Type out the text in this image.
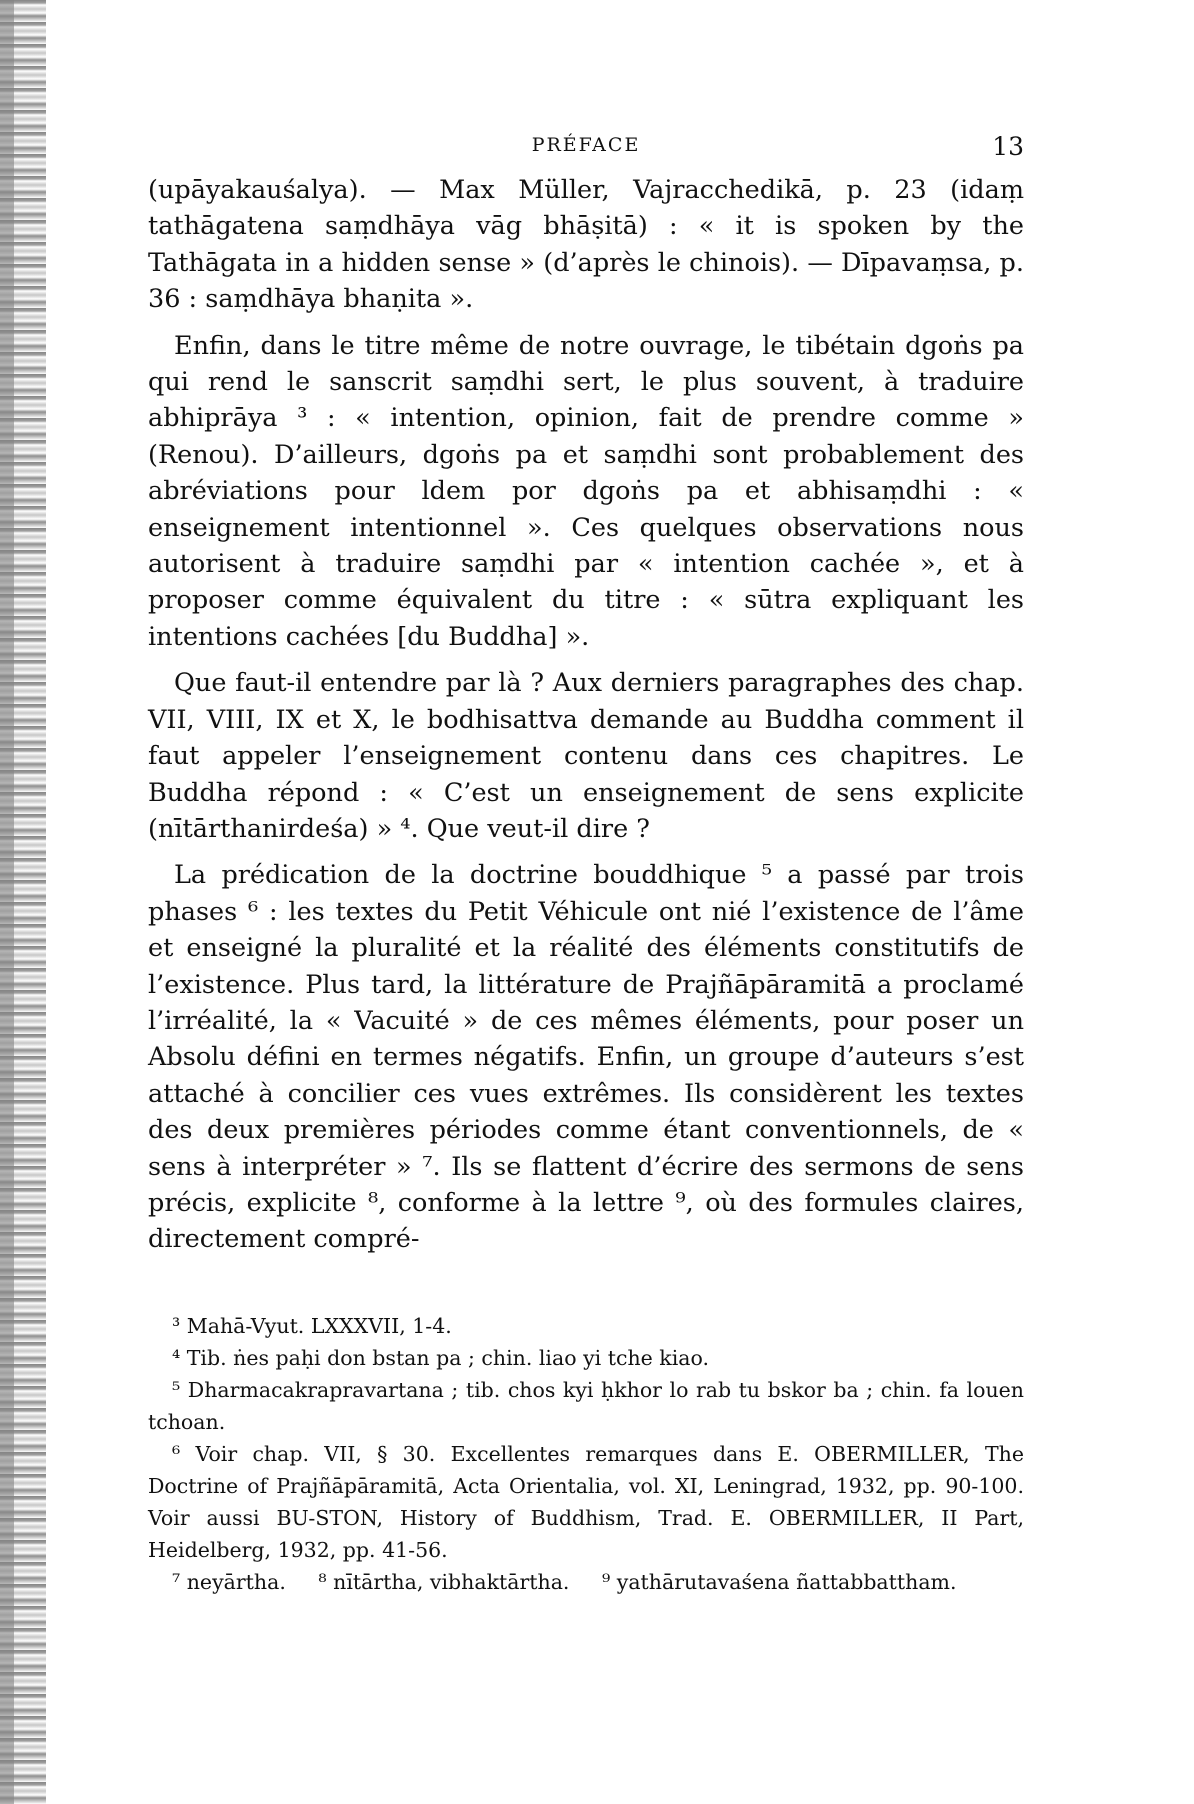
PRÉFACE	13

(upāyakauśalya). — Max Müller, Vajracchedikā, p. 23 (idaṃ tathāgatena saṃdhāya vāg bhāṣitā) : « it is spoken by the Tathāgata in a hidden sense » (d’après le chinois). — Dīpavaṃsa, p. 36 : saṃdhāya bhaṇita ».

Enfin, dans le titre même de notre ouvrage, le tibétain dgoṅs pa qui rend le sanscrit saṃdhi sert, le plus souvent, à traduire abhiprāya ³ : « intention, opinion, fait de prendre comme » (Renou). D’ailleurs, dgoṅs pa et saṃdhi sont probablement des abréviations pour ldem por dgoṅs pa et abhisaṃdhi : « enseignement intentionnel ». Ces quelques observations nous autorisent à traduire saṃdhi par « intention cachée », et à proposer comme équivalent du titre : « sūtra expliquant les intentions cachées [du Buddha] ».

Que faut-il entendre par là ? Aux derniers paragraphes des chap. VII, VIII, IX et X, le bodhisattva demande au Buddha comment il faut appeler l’enseignement contenu dans ces chapitres. Le Buddha répond : « C’est un enseignement de sens explicite (nītārthanirdeśa) » ⁴. Que veut-il dire ?

La prédication de la doctrine bouddhique ⁵ a passé par trois phases ⁶ : les textes du Petit Véhicule ont nié l’existence de l’âme et enseigné la pluralité et la réalité des éléments constitutifs de l’existence. Plus tard, la littérature de Prajñāpāramitā a proclamé l’irréalité, la « Vacuité » de ces mêmes éléments, pour poser un Absolu défini en termes négatifs. Enfin, un groupe d’auteurs s’est attaché à concilier ces vues extrêmes. Ils considèrent les textes des deux premières périodes comme étant conventionnels, de « sens à interpréter » ⁷. Ils se flattent d’écrire des sermons de sens précis, explicite ⁸, conforme à la lettre ⁹, où des formules claires, directement compré-

³ Mahā-Vyut. LXXXVII, 1-4.

⁴ Tib. ṅes paḥi don bstan pa ; chin. liao yi tche kiao.

⁵ Dharmacakrapravartana ; tib. chos kyi ḥkhor lo rab tu bskor ba ; chin. fa louen tchoan.

⁶ Voir chap. VII, § 30. Excellentes remarques dans E. OBERMILLER, The Doctrine of Prajñāpāramitā, Acta Orientalia, vol. XI, Leningrad, 1932, pp. 90-100. Voir aussi BU-STON, History of Buddhism, Trad. E. OBERMILLER, II Part, Heidelberg, 1932, pp. 41-56.

⁷ neyārtha.     ⁸ nītārtha, vibhaktārtha.     ⁹ yathārutavaśena ñattabbattham.
